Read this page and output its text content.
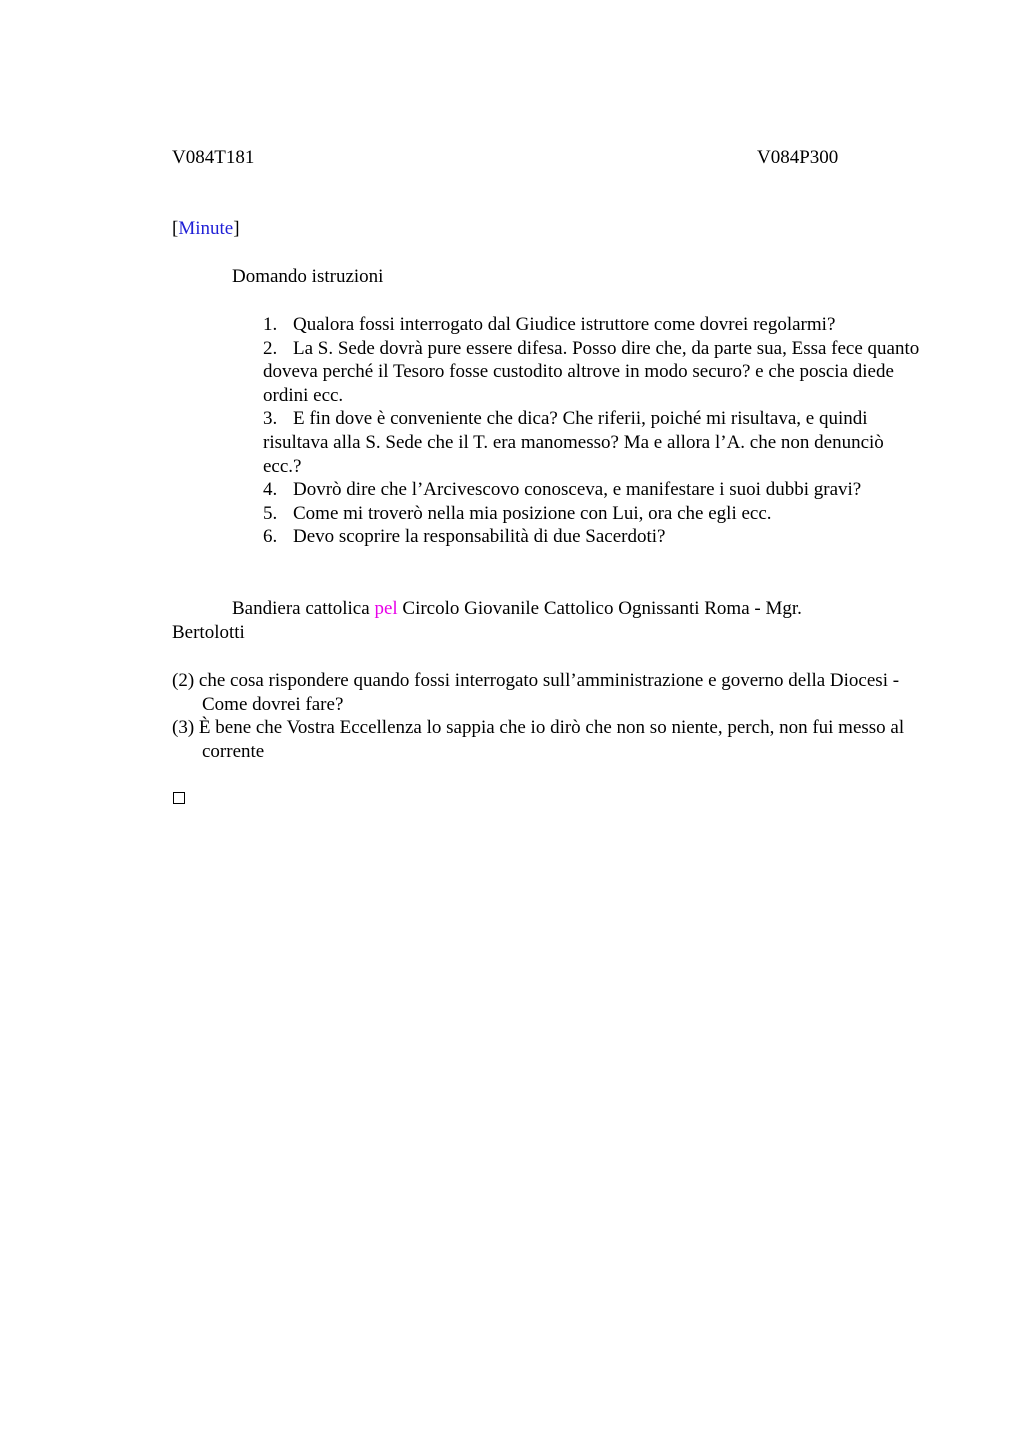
V084T181	V084P300
[Minute]
Domando istruzioni
1. Qualora fossi interrogato dal Giudice istruttore come dovrei regolarmi?
2. La S. Sede dovrà pure essere difesa. Posso dire che, da parte sua, Essa fece quanto doveva perché il Tesoro fosse custodito altrove in modo securo? e che poscia diede ordini ecc.
3. E fin dove è conveniente che dica? Che riferii, poiché mi risultava, e quindi risultava alla S. Sede che il T. era manomesso? Ma e allora l’A. che non denunciò ecc.?
4. Dovrò dire che l’Arcivescovo conosceva, e manifestare i suoi dubbi gravi?
5. Come mi troverò nella mia posizione con Lui, ora che egli ecc.
6. Devo scoprire la responsabilità di due Sacerdoti?
Bandiera cattolica pel Circolo Giovanile Cattolico Ognissanti Roma - Mgr. Bertolotti

(2) che cosa rispondere quando fossi interrogato sull’amministrazione e governo della Diocesi - Come dovrei fare?

(3) È bene che Vostra Eccellenza lo sappia che io dirò che non so niente, perch, non fui messo al corrente
